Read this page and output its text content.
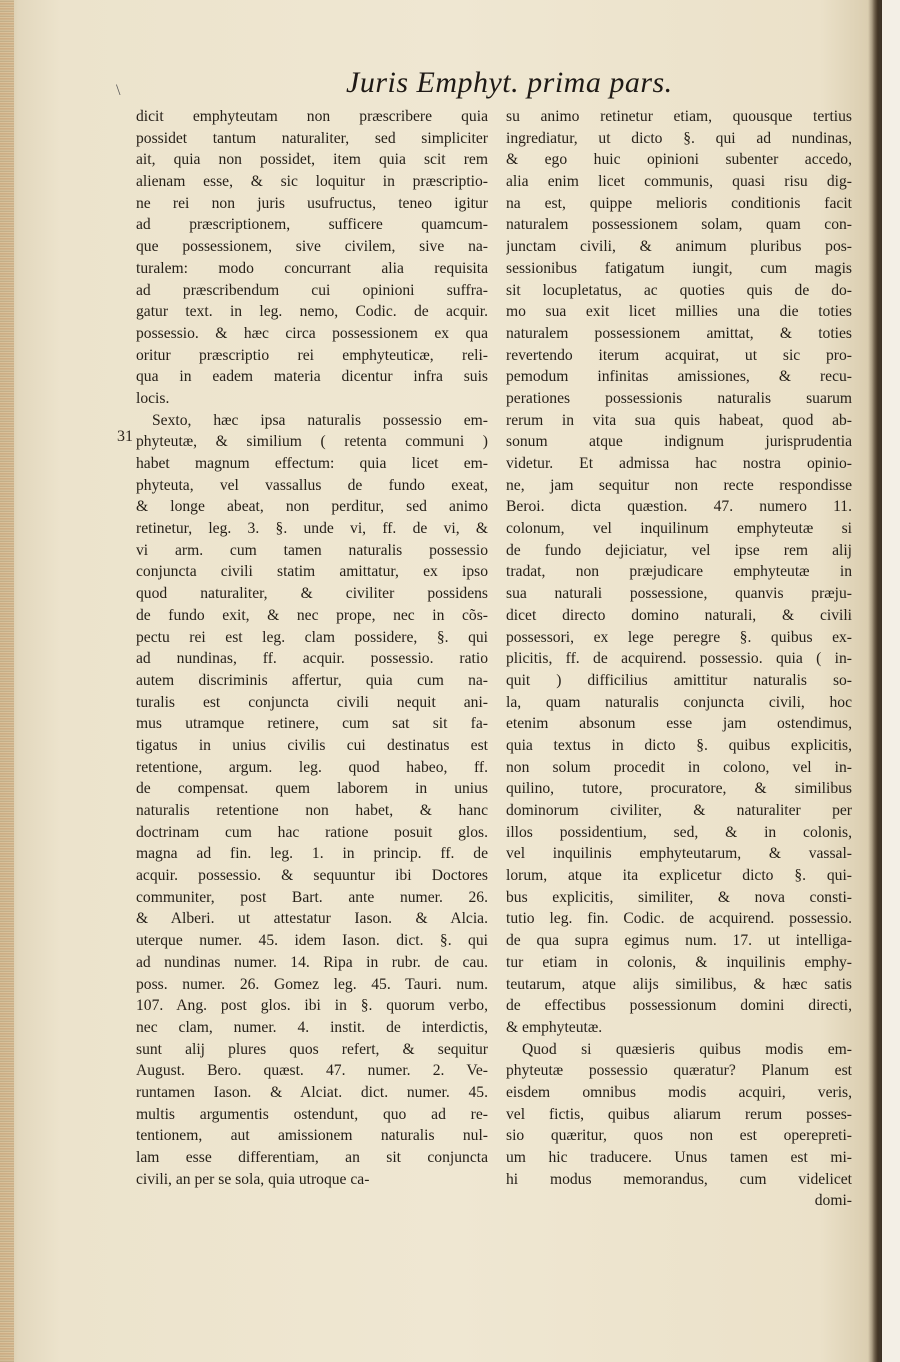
\	Juris Emphyt. prima pars.
31
dicit emphyteutam non præscribere quia
possidet tantum naturaliter, sed simpliciter
ait, quia non possidet, item quia scit rem
alienam esse, & sic loquitur in præscriptio-
ne rei non juris usufructus, teneo igitur
ad præscriptionem, sufficere quamcum-
que possessionem, sive civilem, sive na-
turalem: modo concurrant alia requisita
ad præscribendum cui opinioni suffra-
gatur text. in leg. nemo, Codic. de acquir.
possessio. & hæc circa possessionem ex qua
oritur præscriptio rei emphyteuticæ, reli-
qua in eadem materia dicentur infra suis
locis.
Sexto, hæc ipsa naturalis possessio em-
phyteutæ, & similium ( retenta communi )
habet magnum effectum: quia licet em-
phyteuta, vel vassallus de fundo exeat,
& longe abeat, non perditur, sed animo
retinetur, leg. 3. §. unde vi, ff. de vi, &
vi arm. cum tamen naturalis possessio
conjuncta civili statim amittatur, ex ipso
quod naturaliter, & civiliter possidens
de fundo exit, & nec prope, nec in cõs-
pectu rei est leg. clam possidere, §. qui
ad nundinas, ff. acquir. possessio. ratio
autem discriminis affertur, quia cum na-
turalis est conjuncta civili nequit ani-
mus utramque retinere, cum sat sit fa-
tigatus in unius civilis cui destinatus est
retentione, argum. leg. quod habeo, ff.
de compensat. quem laborem in unius
naturalis retentione non habet, & hanc
doctrinam cum hac ratione posuit glos.
magna ad fin. leg. 1. in princip. ff. de
acquir. possessio. & sequuntur ibi Doctores
communiter, post Bart. ante numer. 26.
& Alberi. ut attestatur Iason. & Alcia.
uterque numer. 45. idem Iason. dict. §. qui
ad nundinas numer. 14. Ripa in rubr. de cau.
poss. numer. 26. Gomez leg. 45. Tauri. num.
107. Ang. post glos. ibi in §. quorum verbo,
nec clam, numer. 4. instit. de interdictis,
sunt alij plures quos refert, & sequitur
August. Bero. quæst. 47. numer. 2. Ve-
runtamen Iason. & Alciat. dict. numer. 45.
multis argumentis ostendunt, quo ad re-
tentionem, aut amissionem naturalis nul-
lam esse differentiam, an sit conjuncta
civili, an per se sola, quia utroque ca-
su animo retinetur etiam, quousque tertius
ingrediatur, ut dicto §. qui ad nundinas,
& ego huic opinioni subenter accedo,
alia enim licet communis, quasi risu dig-
na est, quippe melioris conditionis facit
naturalem possessionem solam, quam con-
junctam civili, & animum pluribus pos-
sessionibus fatigatum iungit, cum magis
sit locupletatus, ac quoties quis de do-
mo sua exit licet millies una die toties
naturalem possessionem amittat, & toties
revertendo iterum acquirat, ut sic pro-
pemodum infinitas amissiones, & recu-
perationes possessionis naturalis suarum
rerum in vita sua quis habeat, quod ab-
sonum atque indignum jurisprudentia
videtur. Et admissa hac nostra opinio-
ne, jam sequitur non recte respondisse
Beroi. dicta quæstion. 47. numero 11.
colonum, vel inquilinum emphyteutæ si
de fundo dejiciatur, vel ipse rem alij
tradat, non præjudicare emphyteutæ in
sua naturali possessione, quanvis præju-
dicet directo domino naturali, & civili
possessori, ex lege peregre §. quibus ex-
plicitis, ff. de acquirend. possessio. quia ( in-
quit ) difficilius amittitur naturalis so-
la, quam naturalis conjuncta civili, hoc
etenim absonum esse jam ostendimus,
quia textus in dicto §. quibus explicitis,
non solum procedit in colono, vel in-
quilino, tutore, procuratore, & similibus
dominorum civiliter, & naturaliter per
illos possidentium, sed, & in colonis,
vel inquilinis emphyteutarum, & vassal-
lorum, atque ita explicetur dicto §. qui-
bus explicitis, similiter, & nova consti-
tutio leg. fin. Codic. de acquirend. possessio.
de qua supra egimus num. 17. ut intelliga-
tur etiam in colonis, & inquilinis emphy-
teutarum, atque alijs similibus, & hæc satis
de effectibus possessionum domini directi,
& emphyteutæ.
Quod si quæsieris quibus modis em-
phyteutæ possessio quæratur? Planum est
eisdem omnibus modis acquiri, veris,
vel fictis, quibus aliarum rerum posses-
sio quæritur, quos non est operepreti-
um hic traducere. Unus tamen est mi-
hi modus memorandus, cum videlicet
domi-
